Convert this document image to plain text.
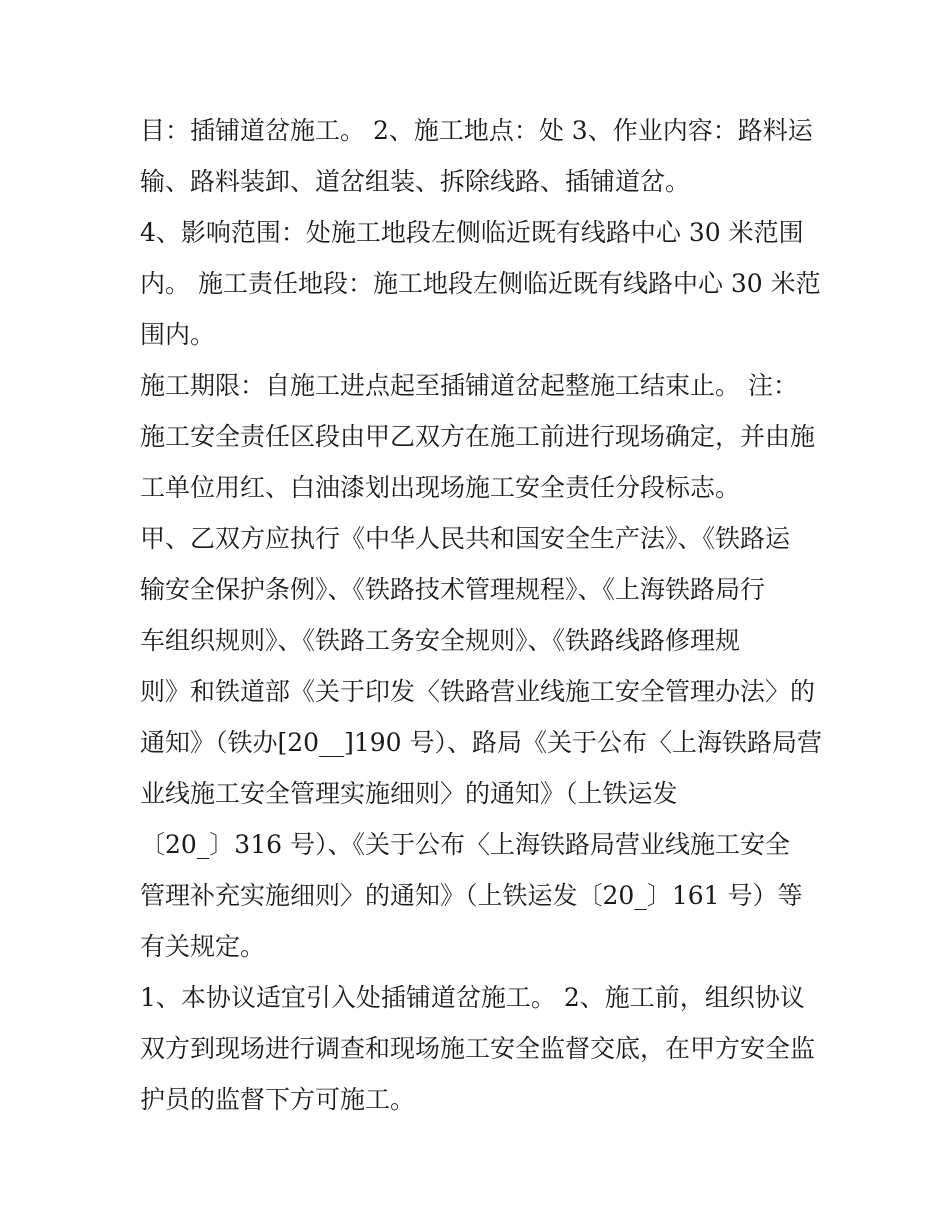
目：插铺道岔施工。 2、施工地点：处 3、作业内容：路料运
输、路料装卸、道岔组装、拆除线路、插铺道岔。
4、影响范围：处施工地段左侧临近既有线路中心 30 米范围
内。 施工责任地段：施工地段左侧临近既有线路中心 30 米范
围内。
施工期限：自施工进点起至插铺道岔起整施工结束止。 注：
施工安全责任区段由甲乙双方在施工前进行现场确定，并由施
工单位用红、白油漆划出现场施工安全责任分段标志。
甲、乙双方应执行《中华人民共和国安全生产法》、《铁路运
输安全保护条例》、《铁路技术管理规程》、《上海铁路局行
车组织规则》、《铁路工务安全规则》、《铁路线路修理规
则》和铁道部《关于印发〈铁路营业线施工安全管理办法〉的
通知》（铁办[20__]190 号）、路局《关于公布〈上海铁路局营
业线施工安全管理实施细则〉的通知》（上铁运发
〔20_〕316 号）、《关于公布〈上海铁路局营业线施工安全
管理补充实施细则〉的通知》（上铁运发〔20_〕161 号）等
有关规定。
1、本协议适宜引入处插铺道岔施工。 2、施工前，组织协议
双方到现场进行调查和现场施工安全监督交底，在甲方安全监
护员的监督下方可施工。
